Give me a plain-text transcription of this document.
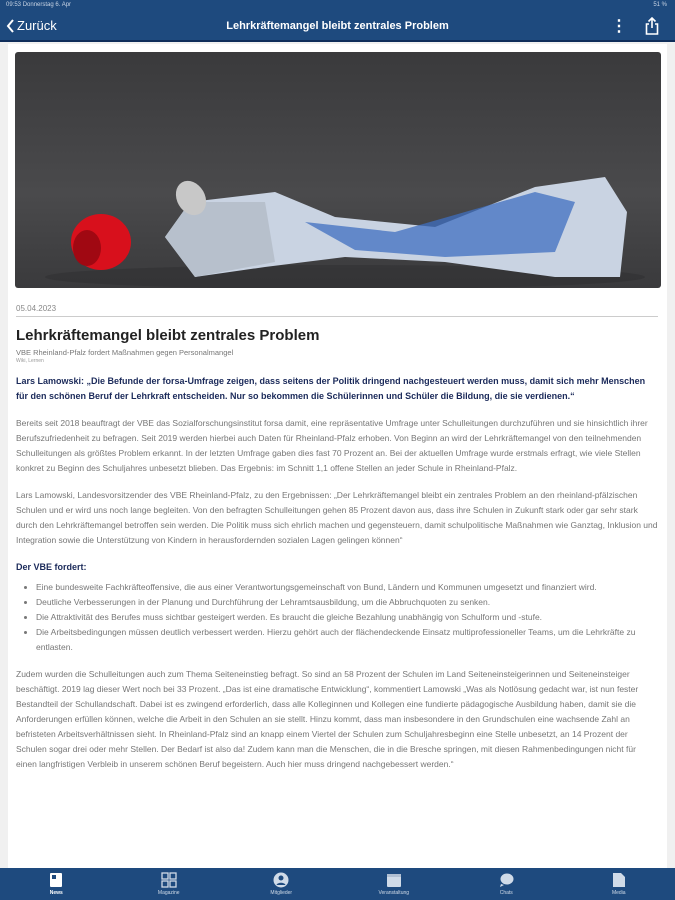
09:53 Donnerstag 6. Apr	51 %
Zurück	Lehrkräftemangel bleibt zentrales Problem	⋮
05.04.2023
Lehrkräftemangel bleibt zentrales Problem
VBE Rheinland-Pfalz fordert Maßnahmen gegen Personalmangel
Wiki, Lernen
Lars Lamowski: „Die Befunde der forsa-Umfrage zeigen, dass seitens der Politik dringend nachgesteuert werden muss, damit sich mehr Menschen für den schönen Beruf der Lehrkraft entscheiden. Nur so bekommen die Schülerinnen und Schüler die Bildung, die sie verdienen.“

Bereits seit 2018 beauftragt der VBE das Sozialforschungsinstitut forsa damit, eine repräsentative Umfrage unter Schulleitungen durchzuführen und sie hinsichtlich ihrer Berufszufriedenheit zu befragen. Seit 2019 werden hierbei auch Daten für Rheinland-Pfalz erhoben. Von Beginn an wird der Lehrkräftemangel von den teilnehmenden Schulleitungen als größtes Problem erkannt. In der letzten Umfrage gaben dies fast 70 Prozent an. Bei der aktuellen Umfrage wurde erstmals erfragt, wie viele Stellen konkret zu Beginn des Schuljahres unbesetzt blieben. Das Ergebnis: im Schnitt 1,1 offene Stellen an jeder Schule in Rheinland-Pfalz.

Lars Lamowski, Landesvorsitzender des VBE Rheinland-Pfalz, zu den Ergebnissen: „Der Lehrkräftemangel bleibt ein zentrales Problem an den rheinland-pfälzischen Schulen und er wird uns noch lange begleiten. Von den befragten Schulleitungen gehen 85 Prozent davon aus, dass ihre Schulen in Zukunft stark oder gar sehr stark durch den Lehrkräftemangel betroffen sein werden. Die Politik muss sich ehrlich machen und gegensteuern, damit schulpolitische Maßnahmen wie Ganztag, Inklusion und Integration sowie die Unterstützung von Kindern in herausfordernden sozialen Lagen gelingen können“

Der VBE fordert:
• Eine bundesweite Fachkräfteoffensive, die aus einer Verantwortungsgemeinschaft von Bund, Ländern und Kommunen umgesetzt und finanziert wird.
• Deutliche Verbesserungen in der Planung und Durchführung der Lehramtsausbildung, um die Abbruchquoten zu senken.
• Die Attraktivität des Berufes muss sichtbar gesteigert werden. Es braucht die gleiche Bezahlung unabhängig von Schulform und -stufe.
• Die Arbeitsbedingungen müssen deutlich verbessert werden. Hierzu gehört auch der flächendeckende Einsatz multiprofessioneller Teams, um die Lehrkräfte zu entlasten.

Zudem wurden die Schulleitungen auch zum Thema Seiteneinstieg befragt. So sind an 58 Prozent der Schulen im Land Seiteneinsteigerinnen und Seiteneinsteiger beschäftigt. 2019 lag dieser Wert noch bei 33 Prozent. „Das ist eine dramatische Entwicklung“, kommentiert Lamowski „Was als Notlösung gedacht war, ist nun fester Bestandteil der Schullandschaft. Dabei ist es zwingend erforderlich, dass alle Kolleginnen und Kollegen eine fundierte pädagogische Ausbildung haben, damit sie die Anforderungen erfüllen können, welche die Arbeit in den Schulen an sie stellt. Hinzu kommt, dass man insbesondere in den Grundschulen eine wachsende Zahl an befristeten Arbeitsverhältnissen sieht. In Rheinland-Pfalz sind an knapp einem Viertel der Schulen zum Schuljahresbeginn eine Stelle unbesetzt, an 14 Prozent der Schulen sogar drei oder mehr Stellen. Der Bedarf ist also da! Zudem kann man die Menschen, die in die Bresche springen, mit diesen Rahmenbedingungen nicht für einen langfristigen Verbleib in unserem schönen Beruf begeistern. Auch hier muss dringend nachgebessert werden.“

News	Magazine	Mitglieder	Veranstaltung	Chats	Media
